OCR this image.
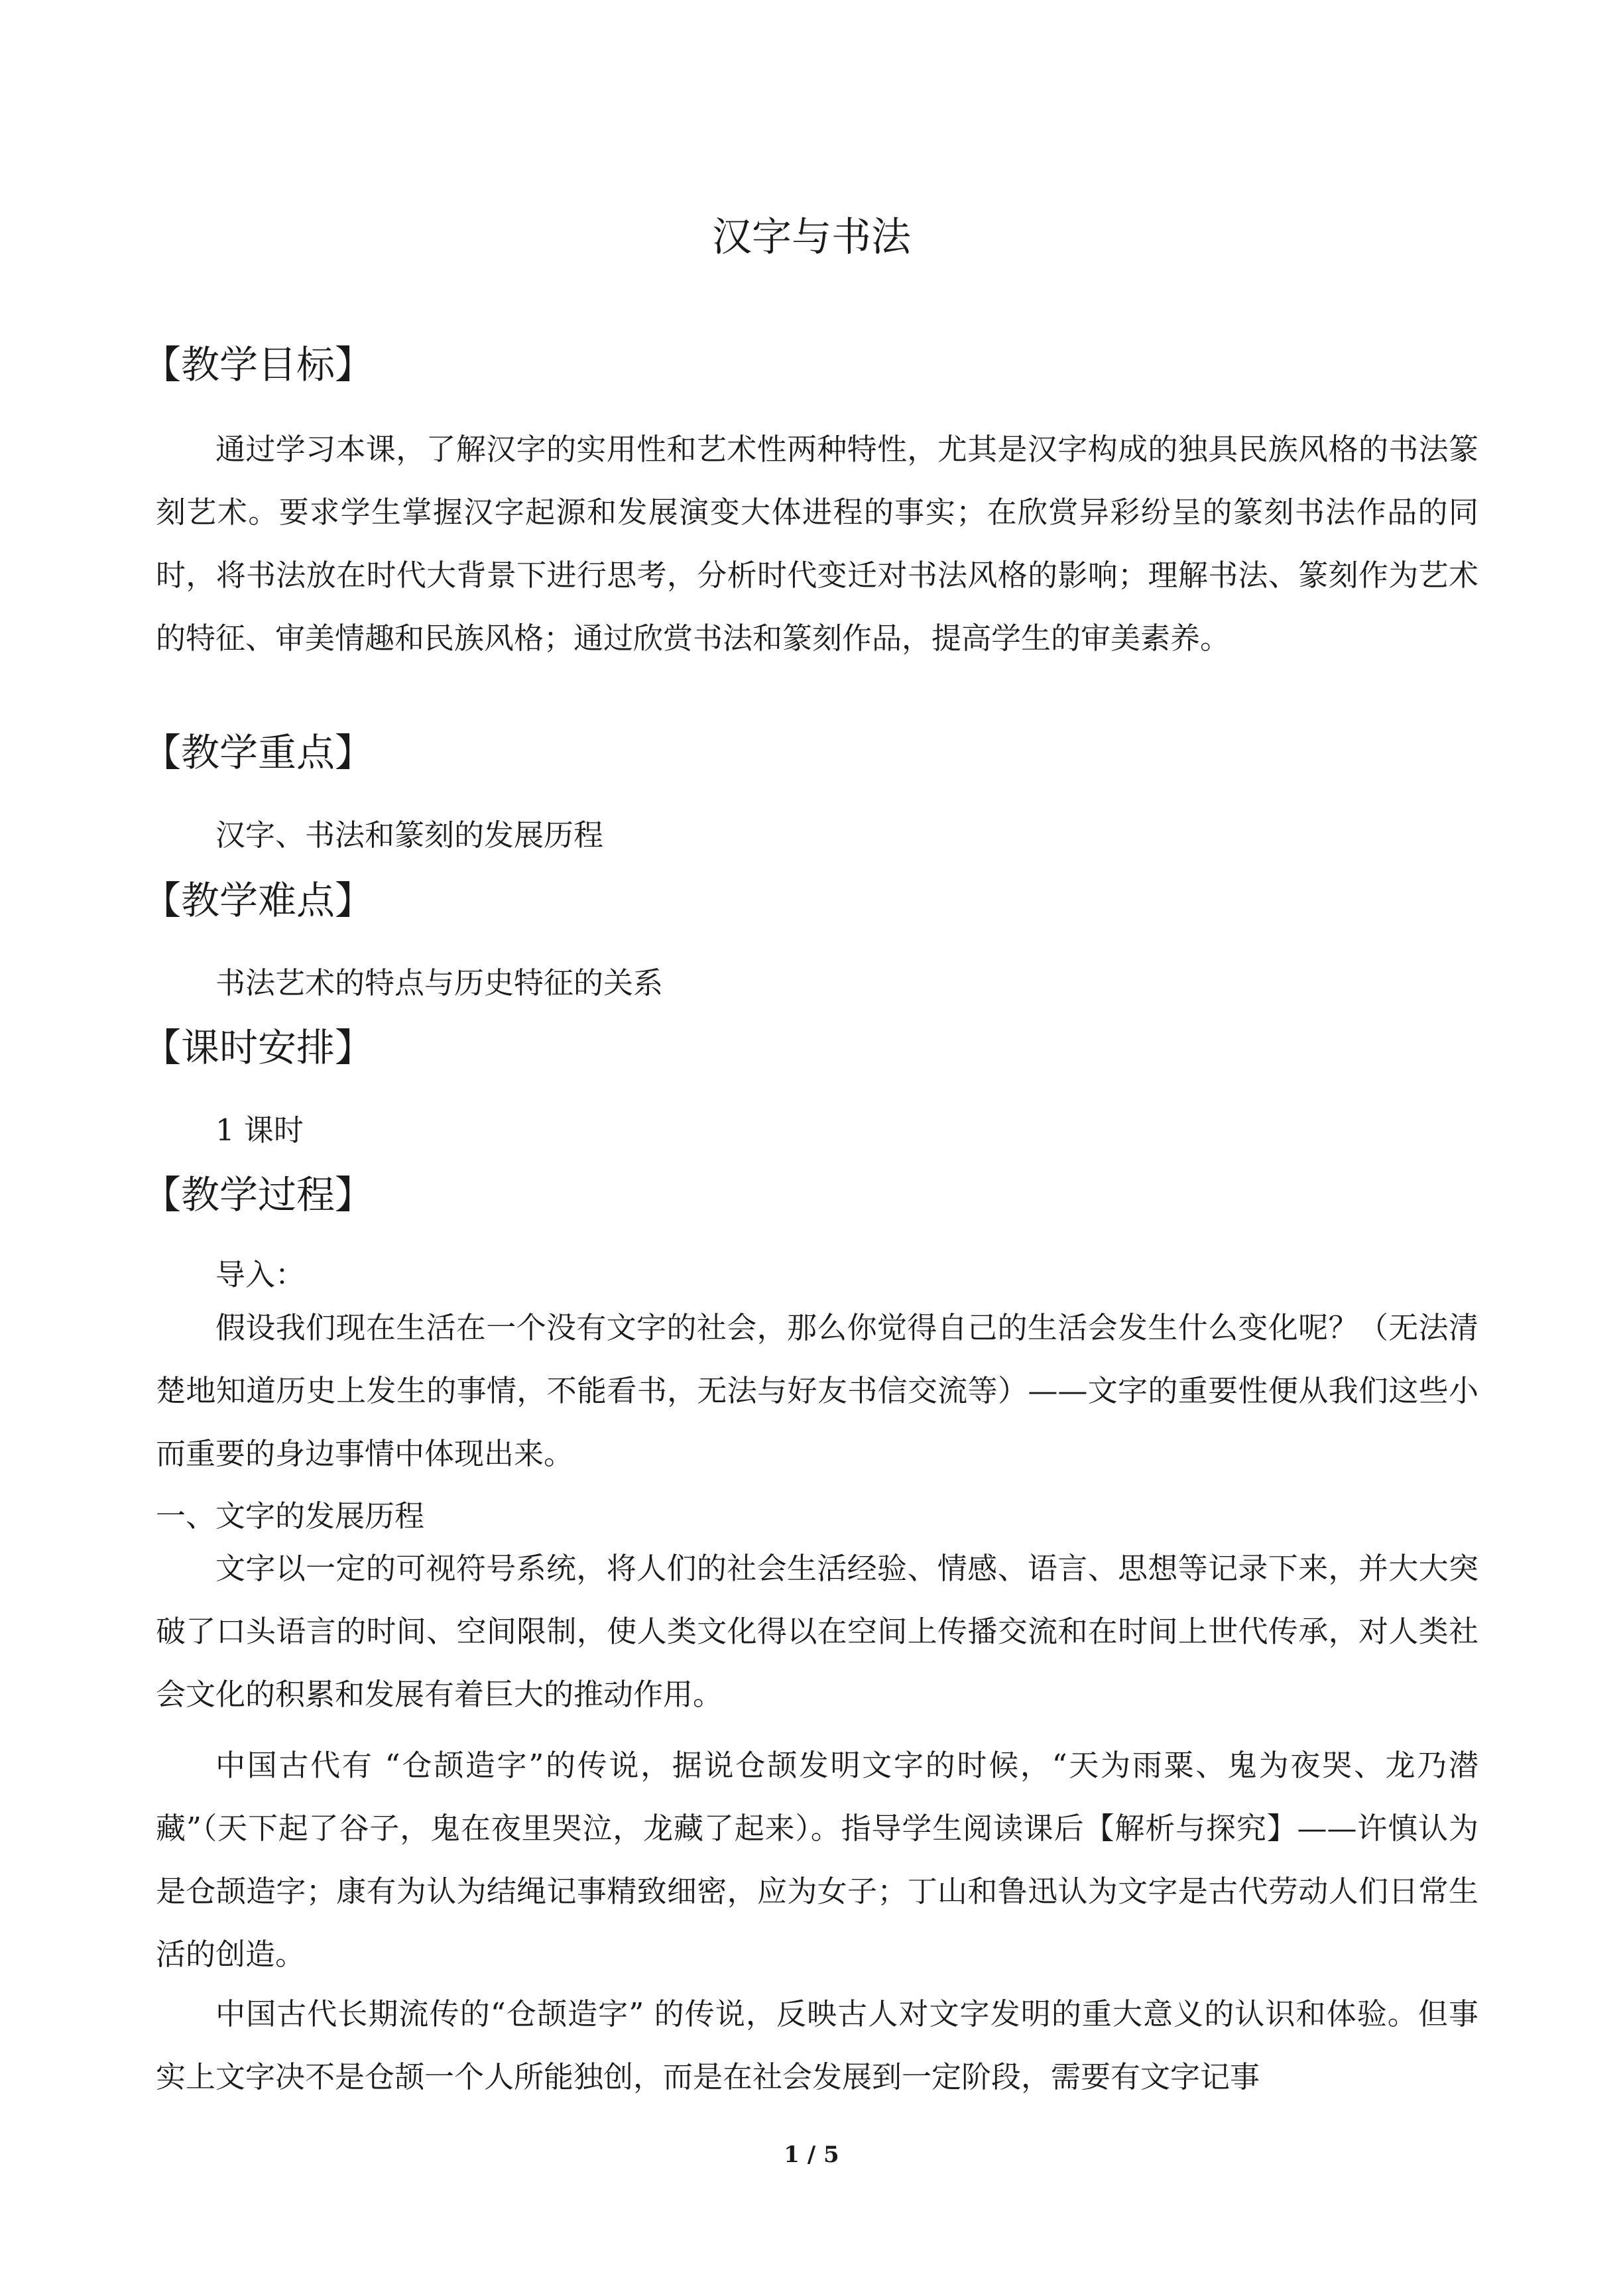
汉字与书法
【教学目标】

通过学习本课，了解汉字的实用性和艺术性两种特性，尤其是汉字构成的独具民族风格的书法篆刻艺术。要求学生掌握汉字起源和发展演变大体进程的事实；在欣赏异彩纷呈的篆刻书法作品的同时，将书法放在时代大背景下进行思考，分析时代变迁对书法风格的影响；理解书法、篆刻作为艺术的特征、审美情趣和民族风格；通过欣赏书法和篆刻作品，提高学生的审美素养。

【教学重点】

汉字、书法和篆刻的发展历程

【教学难点】

书法艺术的特点与历史特征的关系

【课时安排】

1 课时

【教学过程】

导入：

假设我们现在生活在一个没有文字的社会，那么你觉得自己的生活会发生什么变化呢？（无法清楚地知道历史上发生的事情，不能看书，无法与好友书信交流等）——文字的重要性便从我们这些小而重要的身边事情中体现出来。

一、文字的发展历程

文字以一定的可视符号系统，将人们的社会生活经验、情感、语言、思想等记录下来，并大大突破了口头语言的时间、空间限制，使人类文化得以在空间上传播交流和在时间上世代传承，对人类社会文化的积累和发展有着巨大的推动作用。

中国古代有 “仓颉造字”的传说，据说仓颉发明文字的时候，“天为雨粟、鬼为夜哭、龙乃潜藏”（天下起了谷子，鬼在夜里哭泣，龙藏了起来）。指导学生阅读课后【解析与探究】——许慎认为是仓颉造字；康有为认为结绳记事精致细密，应为女子；丁山和鲁迅认为文字是古代劳动人们日常生活的创造。

中国古代长期流传的“仓颉造字” 的传说，反映古人对文字发明的重大意义的认识和体验。但事实上文字决不是仓颉一个人所能独创，而是在社会发展到一定阶段，需要有文字记事

1 / 5
